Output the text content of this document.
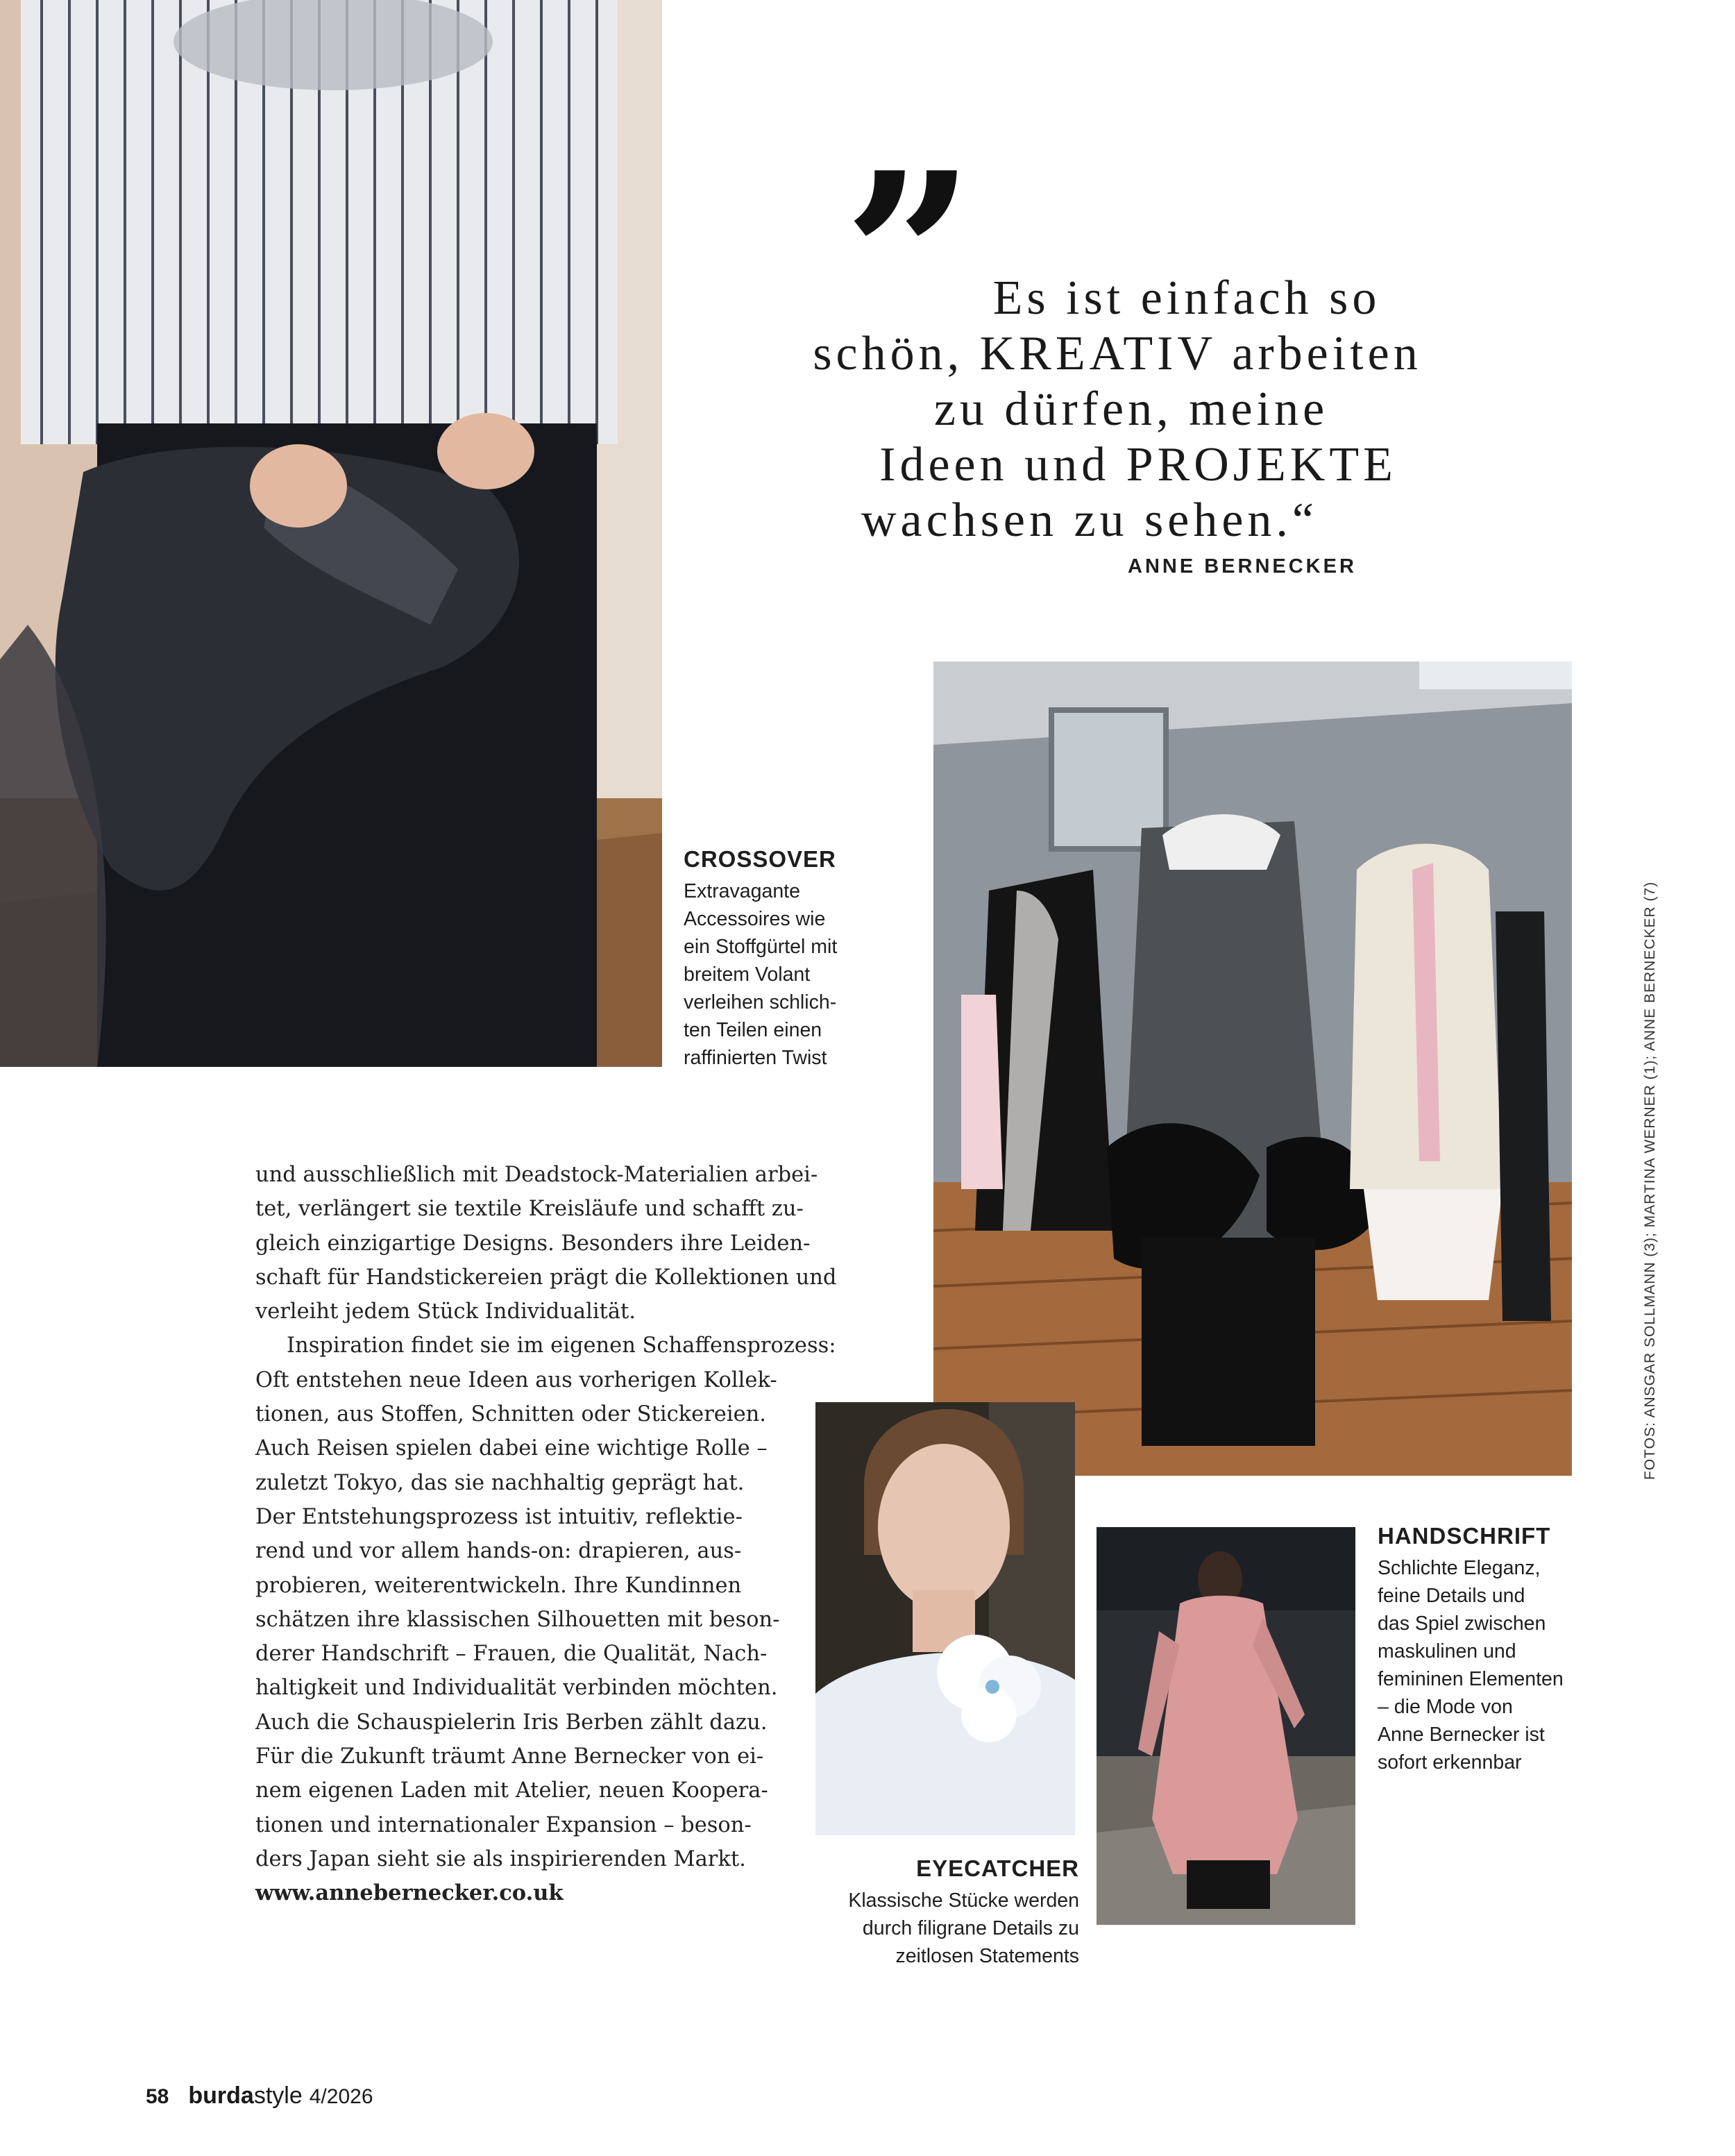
” Es ist einfach so
schön, KREATIV arbeiten
zu dürfen, meine
Ideen und PROJEKTE
wachsen zu sehen.“
ANNE BERNECKER
CROSSOVER
Extravagante
Accessoires wie
ein Stoffgürtel mit
breitem Volant
verleihen schlich-
ten Teilen einen
raffinierten Twist	FOTOS: ANSGAR SOLLMANN (3); MARTINA WERNER (1); ANNE BERNECKER (7)
und ausschließlich mit Deadstock-Materialien arbei-
tet, verlängert sie textile Kreisläufe und schafft zu-
gleich einzigartige Designs. Besonders ihre Leiden-
schaft für Handstickereien prägt die Kollektionen und
verleiht jedem Stück Individualität.
Inspiration findet sie im eigenen Schaffensprozess:
Oft entstehen neue Ideen aus vorherigen Kollek-
tionen, aus Stoffen, Schnitten oder Stickereien.
Auch Reisen spielen dabei eine wichtige Rolle –
zuletzt Tokyo, das sie nachhaltig geprägt hat.
Der Entstehungsprozess ist intuitiv, reflektie-
rend und vor allem hands-on: drapieren, aus-
probieren, weiterentwickeln. Ihre Kundinnen
schätzen ihre klassischen Silhouetten mit beson-
derer Handschrift – Frauen, die Qualität, Nach-
haltigkeit und Individualität verbinden möchten.
Auch die Schauspielerin Iris Berben zählt dazu.
Für die Zukunft träumt Anne Bernecker von ei-
nem eigenen Laden mit Atelier, neuen Koopera-
tionen und internationaler Expansion – beson-
ders Japan sieht sie als inspirierenden Markt.
www.annebernecker.co.uk
HANDSCHRIFT
Schlichte Eleganz,
feine Details und
das Spiel zwischen
maskulinen und
femininen Elementen
– die Mode von
Anne Bernecker ist
sofort erkennbar
EYECATCHER
Klassische Stücke werden
durch filigrane Details zu
zeitlosen Statements
58 burdastyle 4/2026
